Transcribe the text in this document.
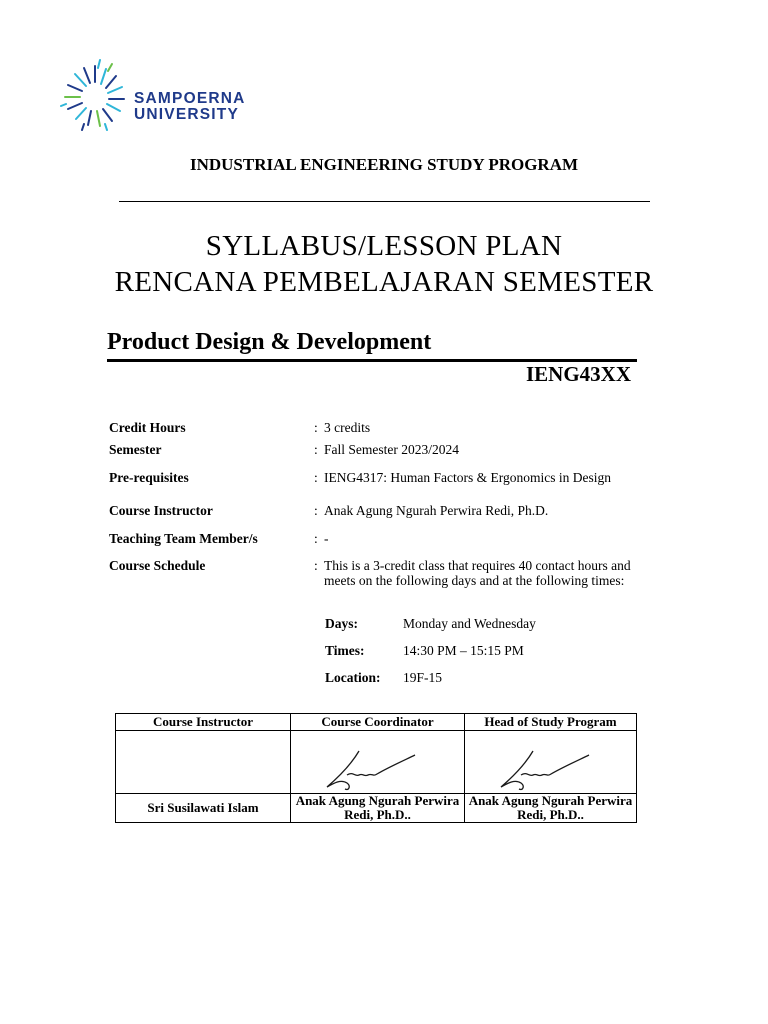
SAMPOERNA
UNIVERSITY
INDUSTRIAL ENGINEERING STUDY PROGRAM
SYLLABUS/LESSON PLAN
RENCANA PEMBELAJARAN SEMESTER
Product Design & Development
IENG43XX
Credit Hours	: 3 credits
Semester	: Fall Semester 2023/2024
Pre-requisites	: IENG4317: Human Factors & Ergonomics in Design
Course Instructor	: Anak Agung Ngurah Perwira Redi, Ph.D.
Teaching Team Member/s	: -
Course Schedule	: This is a 3-credit class that requires 40 contact hours and meets on the following days and at the following times:
Days:	Monday and Wednesday
Times:	14:30 PM – 15:15 PM
Location: 19F-15
Course Instructor	Course Coordinator	Head of Study Program

Sri Susilawati Islam	Anak Agung Ngurah Perwira Redi, Ph.D..	Anak Agung Ngurah Perwira Redi, Ph.D..
